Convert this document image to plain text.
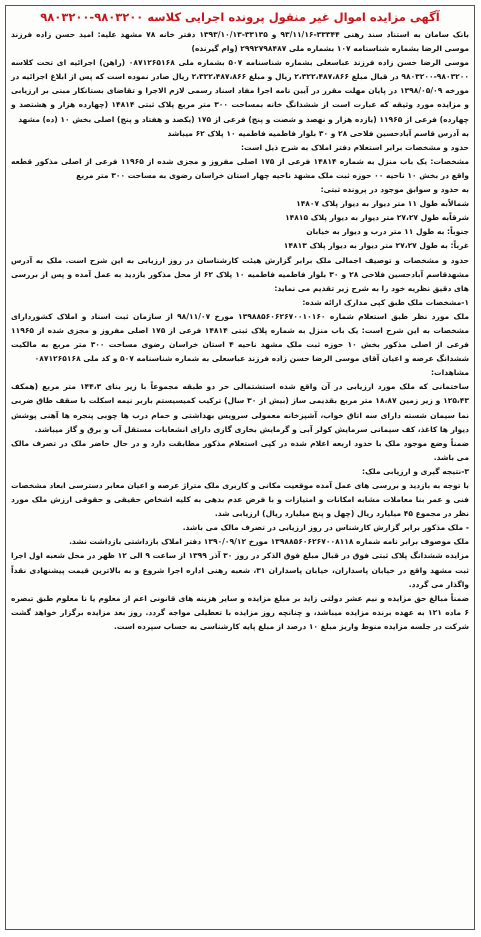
آگهی مزایده اموال غیر منقول پرونده اجرایی کلاسه ۹۸۰۳۲۰۰-۹۸۰۳۲۰۰

بانک سامان به استناد سند رهنی ۳۳۳۴۴-۹۳/۱۱/۱۶ و ۳۳۱۳۵-۱۳۹۳/۱۰/۱۳ دفتر خانه ۷۸ مشهد علیه: امید حسن زاده فرزند موسی الرضا بشماره شناسنامه ۱۰۷ بشماره ملی ۲۹۹۲۷۹۸۴۸۷ (وام گیرنده)

موسی الرضا حسن زاده فرزند عباسعلی بشماره شناسنامه ۵۰۷ بشماره ملی ۰۸۷۱۲۶۵۱۶۸ (راهن) اجرائیه ای تحت کلاسه ۹۸۰۳۲۰۰-۹۸۰۳۲۰۰ در قبال مبلغ ۲،۳۲۲،۴۸۷،۸۶۶ ریال و مبلغ ۲،۳۲۲،۴۸۷،۸۶۶ ریال صادر نموده است که پس از ابلاغ اجرائیه در مورخه ۱۳۹۸/۰۵/۰۹ در پایان مهلت مقرر در آیین نامه اجرا مفاد اسناد رسمی لازم الاجرا و تقاضای بستانکار مبنی بر ارزیابی و مزایده مورد وثیقه که عبارت است از ششدانگ خانه بمساحت ۳۰۰ متر مربع پلاک ثبتی ۱۴۸۱۴ (چهارده هزار و هشتصد و چهارده) فرعی از ۱۱۹۶۵ (یازده هزار و نهصد و شصت و پنج) فرعی از ۱۷۵ (یکصد و هفتاد و پنج) اصلی بخش ۱۰ (ده) مشهد

به آدرس قاسم آبادحسین فلاحی ۲۸ و ۳۰ بلوار فاطمیه فاطمیه ۱۰ پلاک ۶۲ میباشد

حدود و مشخصات برابر استعلام دفتر املاک به شرح ذیل است:

مشخصات: یک باب منزل به شماره ۱۴۸۱۴ فرعی از ۱۷۵ اصلی مفروز و مجزی شده از ۱۱۹۶۵ فرعی از اصلی مذکور قطعه واقع در بخش ۱۰ ناحیه ۰۰ حوزه ثبت ملک مشهد ناحیه چهار استان خراسان رضوی به مساحت ۳۰۰ متر مربع

به حدود و سوابق موجود در پرونده ثبتی:

شمالاًبه طول ۱۱ متر دیوار به دیوار پلاک ۱۴۸۰۷

شرقاًبه طول ۲۷،۲۷ متر دیوار به دیوار پلاک ۱۴۸۱۵

جنوباً: به طول ۱۱ متر درب و دیوار به خیابان

غرباً: به طول ۲۷،۲۷ متر دیوار به دیوار پلاک ۱۴۸۱۳

حدود و مشخصات و توصیف اجمالی ملک برابر گزارش هیئت کارشناسان در روز ارزیابی به این شرح است. ملک به آدرس مشهدقاسم آبادحسین فلاحی ۲۸ و ۳۰ بلوار فاطمیه فاطمیه ۱۰ پلاک ۶۲ از محل مذکور بازدید به عمل آمده و پس از بررسی های دقیق نظریه خود را به شرح زیر تقدیم می نماید:

۱-مشخصات ملک طبق کپی مدارک ارائه شده:

ملک مورد نظر طبق استعلام شماره ۱۳۹۸۸۵۶۰۶۲۶۷۰۰۱۰۱۶۰ مورخ ۹۸/۱۱/۰۷ از سازمان ثبت اسناد و املاک کشوردارای مشخصات به این شرح است: یک باب منزل به شماره پلاک ثبتی ۱۴۸۱۴ فرعی از ۱۷۵ اصلی مفروز و مجزی شده از ۱۱۹۶۵ فرعی از اصلی مذکور بخش ۱۰ حوزه ثبت ملک مشهد ناحیه ۴ استان خراسان رضوی مساحت ۳۰۰ متر مربع به مالکیت ششدانگ عرصه و اعیان آقای موسی الرضا حسن زاده فرزند عباسعلی به شماره شناسنامه ۵۰۷ و کد ملی ۰۸۷۱۲۶۵۱۶۸

مشاهدات:

ساختمانی که ملک مورد ارزیابی در آن واقع شده استشتمالی حر دو طبقه مجموعاً با زیر بنای ۱۴۴،۳ متر مربع (همکف ۱۲۵،۴۳ و زیر زمین ۱۸،۸۷ متر مربع بقدیمی ساز (بیش از ۳۰ سال) ترکیب کمیسیستم باربر نیمه اسکلت با سقف طاق ضربی نما سیمان شسته دارای سه اتاق خواب، آشپزخانه معمولی سرویس بهداشتی و حمام درب ها چوبی پنجره ها آهنی پوشش دیوار ها کاغذ، کف سیمانی سرمایش کولر آبی و گرمایش بخاری گازی دارای انشعابات مستقل آب و برق و گاز میباشد.

ضمناً وضع موجود ملک با حدود اربعه اعلام شده در کپی استعلام مذکور مطابقت دارد و در حال حاضر ملک در تصرف مالک می باشد.

۳-نتیجه گیری و ارزیابی ملک:

با توجه به بازدید و بررسی های عمل آمده موقعیت مکانی و کاربری ملک متراژ عرصه و اعیان معابر دسترسی ابعاد مشخصات فنی و عمر بنا معاملات مشابه امکانات و امتیازات و با فرض عدم بدهی به کلیه اشخاص حقیقی و حقوقی ارزش ملک مورد نظر در مجموع ۴۵ میلیارد ریال (چهل و پنج میلیارد ریال) ارزیابی شد.

- ملک مذکور برابر گزارش کارشناس در روز ارزیابی در تصرف مالک می باشد.

ملک موصوف برابر نامه شماره ۱۳۹۸۸۵۶۰۶۲۶۷۰۰۸۱۱۸ مورخ ۱۳۹۰/۰۹/۱۲ دفتر املاک بازداشتی بازداشت نشد.

مزایده ششدانگ پلاک ثبتی فوق در قبال مبلغ فوق الذکر در روز ۳۰ آذر ۱۳۹۹ از ساعت ۹ الی ۱۲ ظهر در محل شعبه اول اجرا ثبت مشهد واقع در خیابان پاسداران، خیابان پاسداران ۳۱، شعبه رهنی اداره اجرا شروع و به بالاترین قیمت پیشنهادی نقداً واگذار می گردد.

ضمناً مبالغ حق مزایده و نیم عشر دولتی زاید بر مبلغ مزایده و سایر هزینه های قانونی اعم از معلوم یا نا معلوم طبق تبصره ۶ ماده ۱۲۱ به عهده برنده مزایده میباشد، و چنانچه روز مزایده با تعطیلی مواجه گردد. روز بعد مزایده برگزار خواهد گشت شرکت در جلسه مزایده منوط واریز مبلغ ۱۰ درصد از مبلغ پایه کارشناسی به حساب سپرده است.
